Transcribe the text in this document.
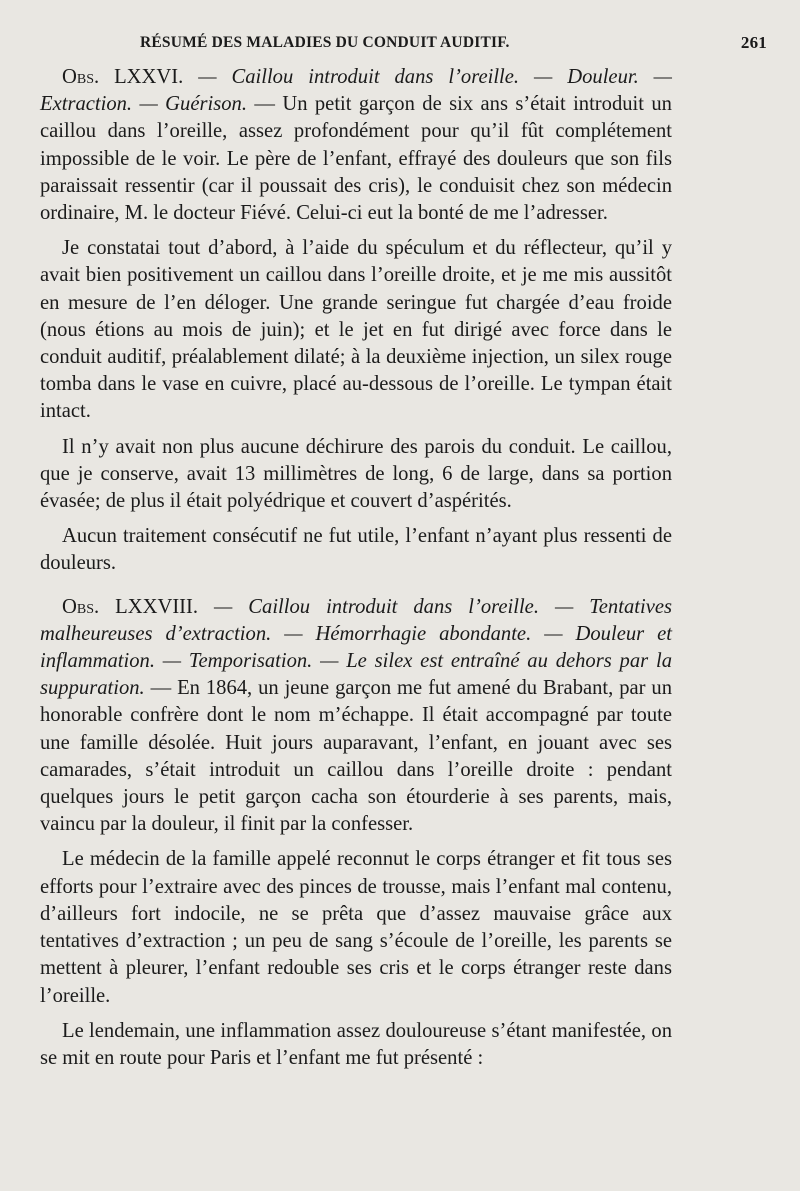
RÉSUMÉ DES MALADIES DU CONDUIT AUDITIF.	261

Obs. LXXVI. — Caillou introduit dans l’oreille. — Douleur. — Extraction. — Guérison. — Un petit garçon de six ans s’était introduit un caillou dans l’oreille, assez profondément pour qu’il fût complétement impossible de le voir. Le père de l’enfant, effrayé des douleurs que son fils paraissait ressentir (car il poussait des cris), le conduisit chez son médecin ordinaire, M. le docteur Fiévé. Celui-ci eut la bonté de me l’adresser.

Je constatai tout d’abord, à l’aide du spéculum et du réflecteur, qu’il y avait bien positivement un caillou dans l’oreille droite, et je me mis aussitôt en mesure de l’en déloger. Une grande seringue fut chargée d’eau froide (nous étions au mois de juin); et le jet en fut dirigé avec force dans le conduit auditif, préalablement dilaté; à la deuxième injection, un silex rouge tomba dans le vase en cuivre, placé au-dessous de l’oreille. Le tympan était intact.

Il n’y avait non plus aucune déchirure des parois du conduit. Le caillou, que je conserve, avait 13 millimètres de long, 6 de large, dans sa portion évasée; de plus il était polyédrique et couvert d’aspérités.

Aucun traitement consécutif ne fut utile, l’enfant n’ayant plus ressenti de douleurs.

Obs. LXXVIII. — Caillou introduit dans l’oreille. — Tentatives malheureuses d’extraction. — Hémorrhagie abondante. — Douleur et inflammation. — Temporisation. — Le silex est entraîné au dehors par la suppuration. — En 1864, un jeune garçon me fut amené du Brabant, par un honorable confrère dont le nom m’échappe. Il était accompagné par toute une famille désolée. Huit jours auparavant, l’enfant, en jouant avec ses camarades, s’était introduit un caillou dans l’oreille droite : pendant quelques jours le petit garçon cacha son étourderie à ses parents, mais, vaincu par la douleur, il finit par la confesser.

Le médecin de la famille appelé reconnut le corps étranger et fit tous ses efforts pour l’extraire avec des pinces de trousse, mais l’enfant mal contenu, d’ailleurs fort indocile, ne se prêta que d’assez mauvaise grâce aux tentatives d’extraction ; un peu de sang s’écoule de l’oreille, les parents se mettent à pleurer, l’enfant redouble ses cris et le corps étranger reste dans l’oreille.

Le lendemain, une inflammation assez douloureuse s’étant manifestée, on se mit en route pour Paris et l’enfant me fut présenté :
